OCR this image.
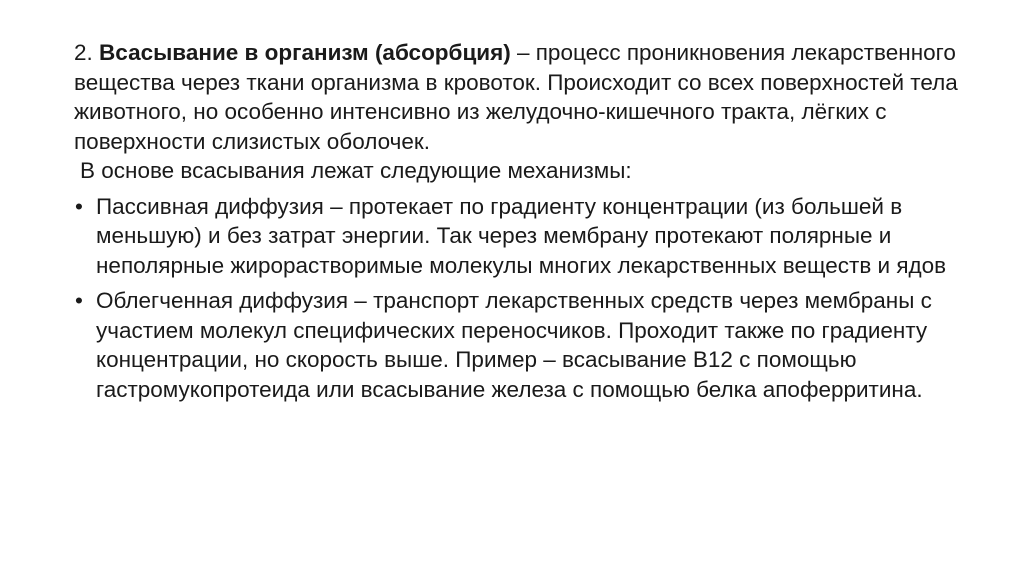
2. Всасывание в организм (абсорбция) – процесс проникновения лекарственного вещества через ткани организма в кровоток. Происходит со всех поверхностей тела животного, но особенно интенсивно из желудочно-кишечного тракта, лёгких с поверхности слизистых оболочек.

В основе всасывания лежат следующие механизмы:

• Пассивная диффузия – протекает по градиенту концентрации (из большей в меньшую) и без затрат энергии. Так через мембрану протекают полярные и неполярные жирорастворимые молекулы многих лекарственных веществ и ядов
• Облегченная диффузия – транспорт лекарственных средств через мембраны с участием молекул специфических переносчиков. Проходит также по градиенту концентрации, но скорость выше. Пример – всасывание В12 с помощью гастромукопротеида или всасывание железа с помощью белка апоферритина.
